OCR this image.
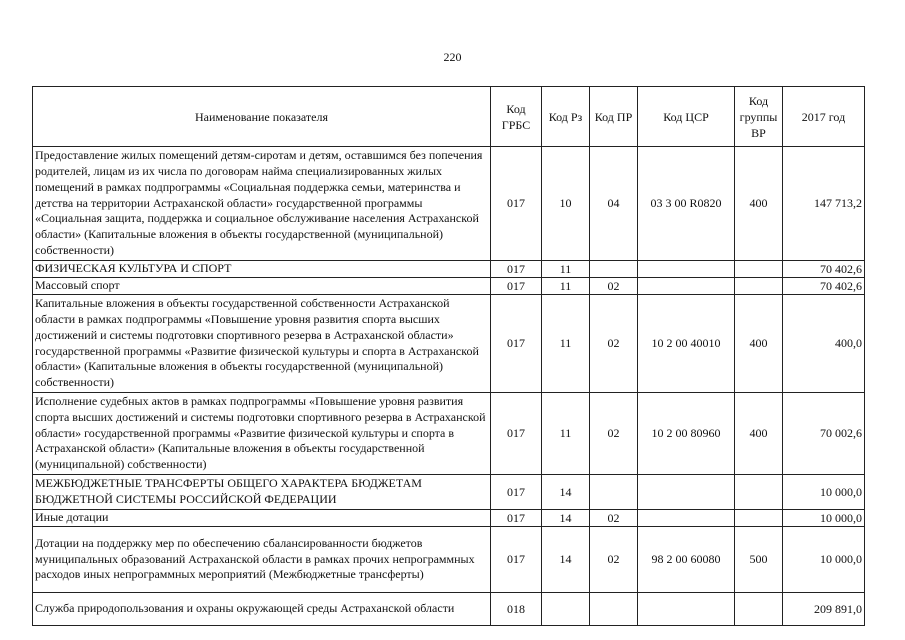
220
Наименование показателя	Код ГРБС	Код Рз	Код ПР	Код ЦСР	Код группы ВР	2017 год
Предоставление жилых помещений детям-сиротам и детям, оставшимся без попечения родителей, лицам из их числа по договорам найма специализированных жилых помещений в рамках подпрограммы «Социальная поддержка семьи, материнства и детства на территории Астраханской области» государственной программы «Социальная защита, поддержка и социальное обслуживание населения Астраханской области» (Капитальные вложения в объекты государственной (муниципальной) собственности)	017	10	04	03 3 00 R0820	400	147 713,2
ФИЗИЧЕСКАЯ КУЛЬТУРА И СПОРТ	017	11				70 402,6
Массовый спорт	017	11	02			70 402,6
Капитальные вложения в объекты государственной собственности Астраханской области в рамках подпрограммы «Повышение уровня развития спорта высших достижений и системы подготовки спортивного резерва в Астраханской области» государственной программы «Развитие физической культуры и спорта в Астраханской области» (Капитальные вложения в объекты государственной (муниципальной) собственности)	017	11	02	10 2 00 40010	400	400,0
Исполнение судебных актов в рамках подпрограммы «Повышение уровня развития спорта высших достижений и системы подготовки спортивного резерва в Астраханской области» государственной программы «Развитие физической культуры и спорта в Астраханской области» (Капитальные вложения в объекты государственной (муниципальной) собственности)	017	11	02	10 2 00 80960	400	70 002,6
МЕЖБЮДЖЕТНЫЕ ТРАНСФЕРТЫ ОБЩЕГО ХАРАКТЕРА БЮДЖЕТАМ БЮДЖЕТНОЙ СИСТЕМЫ РОССИЙСКОЙ ФЕДЕРАЦИИ	017	14				10 000,0
Иные дотации	017	14	02			10 000,0
Дотации на поддержку мер по обеспечению сбалансированности бюджетов муниципальных образований Астраханской области в рамках прочих непрограммных расходов иных непрограммных мероприятий (Межбюджетные трансферты)	017	14	02	98 2 00 60080	500	10 000,0
Служба природопользования и охраны окружающей среды Астраханской области	018					209 891,0
